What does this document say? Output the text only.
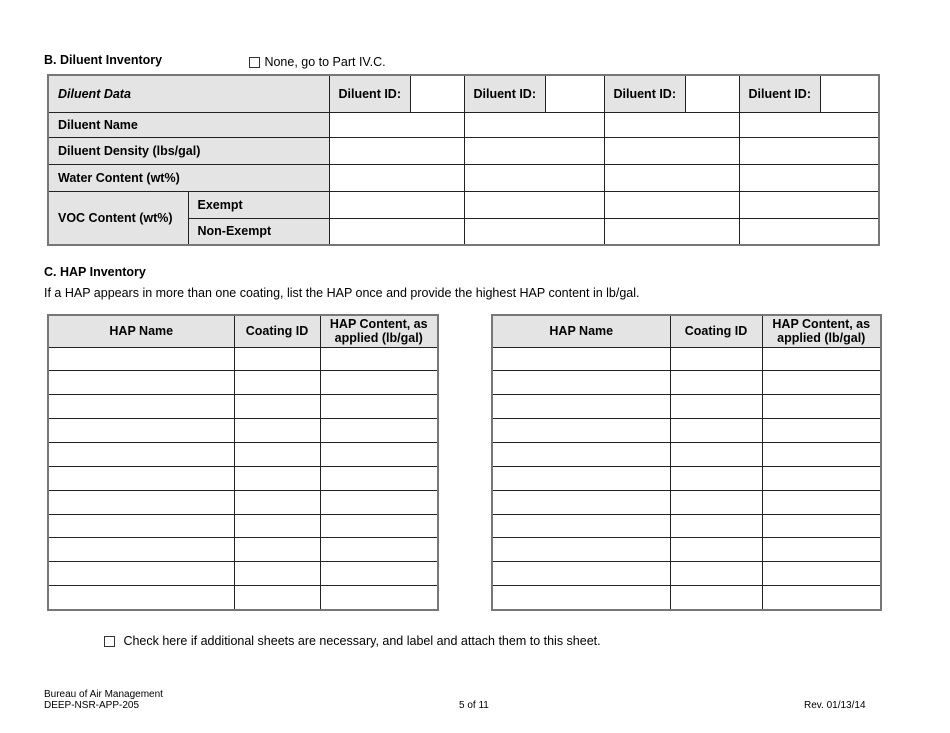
B. Diluent Inventory	None, go to Part IV.C.
Diluent Data		Diluent ID:		Diluent ID:		Diluent ID:		Diluent ID:	
Diluent Name									
Diluent Density (lbs/gal)									
Water Content (wt%)									
VOC Content (wt%)	Exempt								
	Non-Exempt								
C. HAP Inventory
If a HAP appears in more than one coating, list the HAP once and provide the highest HAP content in lb/gal.
HAP Name	Coating ID	HAP Content, as applied (lb/gal)

			HAP Name	Coating ID	HAP Content, as applied (lb/gal)

Check here if additional sheets are necessary, and label and attach them to this sheet.
Bureau of Air Management
DEEP-NSR-APP-205	5 of 11	Rev. 01/13/14
